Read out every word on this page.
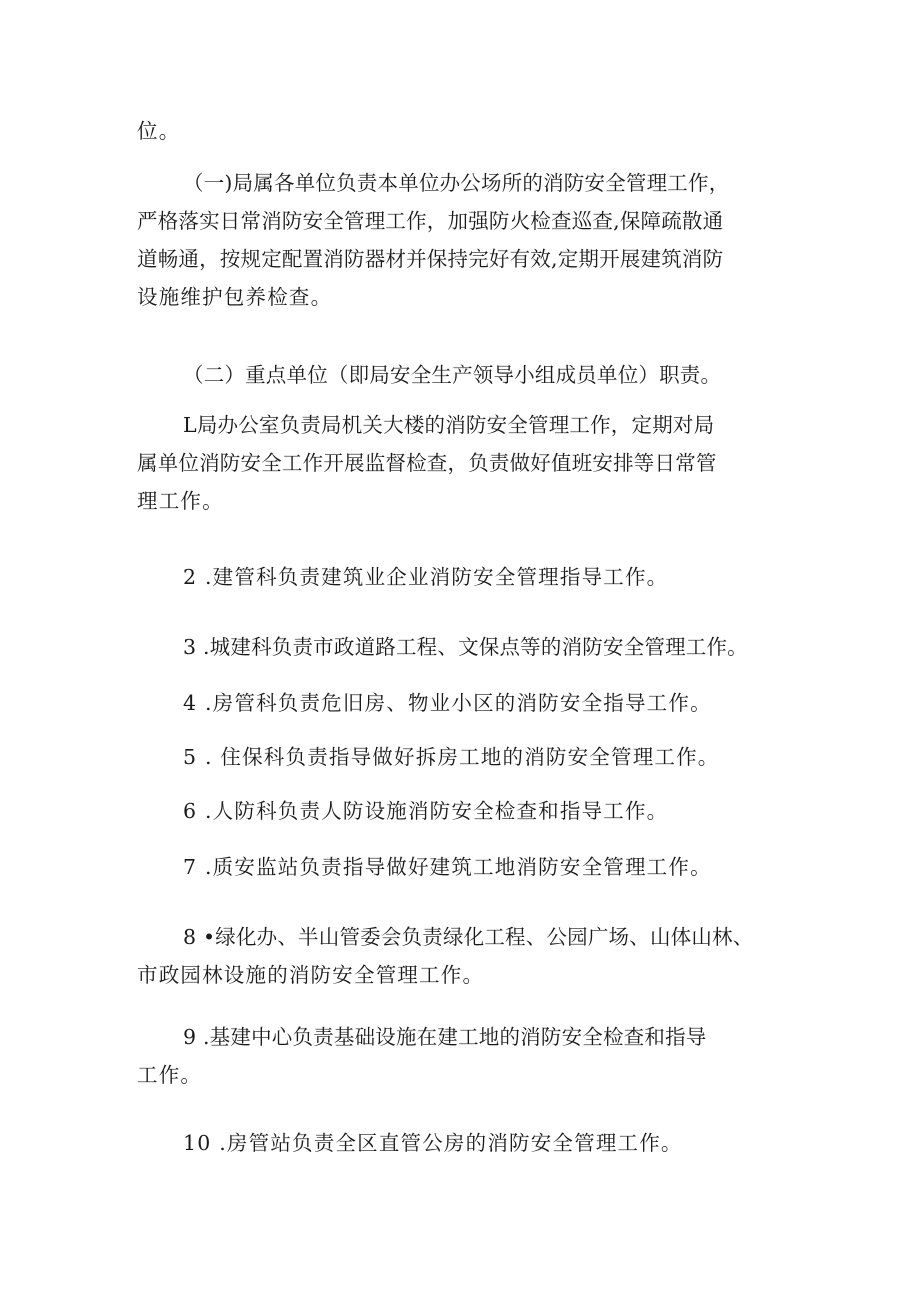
位。

（一)局属各单位负责本单位办公场所的消防安全管理工作，
严格落实日常消防安全管理工作，加强防火检查巡查,保障疏散通
道畅通，按规定配置消防器材并保持完好有效,定期开展建筑消防
设施维护包养检查。

（二）重点单位（即局安全生产领导小组成员单位）职责。

L局办公室负责局机关大楼的消防安全管理工作，定期对局
属单位消防安全工作开展监督检查，负责做好值班安排等日常管
理工作。

2 .建管科负责建筑业企业消防安全管理指导工作。

3 .城建科负责市政道路工程、文保点等的消防安全管理工作。

4 .房管科负责危旧房、物业小区的消防安全指导工作。

5 . 住保科负责指导做好拆房工地的消防安全管理工作。

6 .人防科负责人防设施消防安全检查和指导工作。

7 .质安监站负责指导做好建筑工地消防安全管理工作。

8 •绿化办、半山管委会负责绿化工程、公园广场、山体山林、
市政园林设施的消防安全管理工作。

9 .基建中心负责基础设施在建工地的消防安全检查和指导
工作。

10 .房管站负责全区直管公房的消防安全管理工作。
